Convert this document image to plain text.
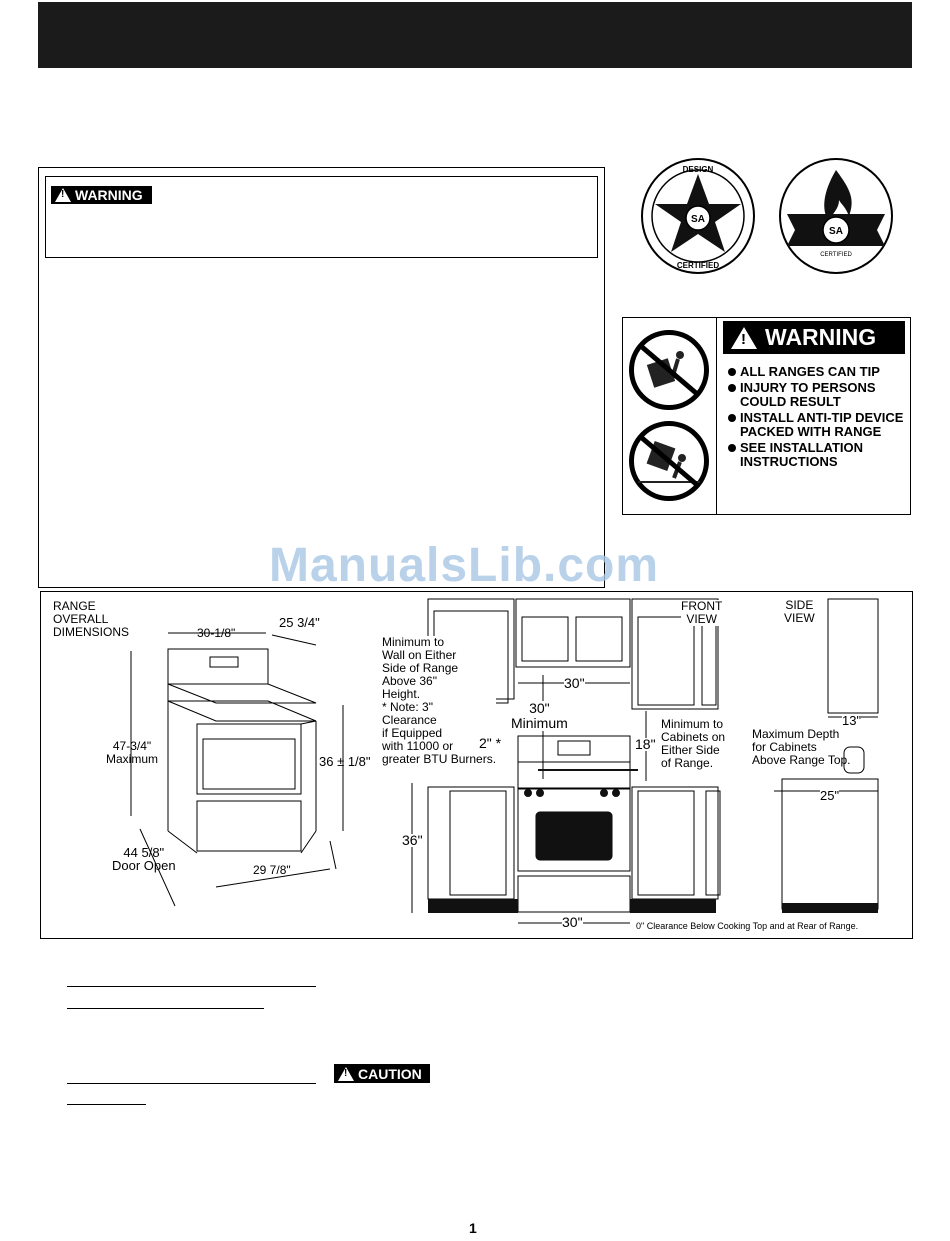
!
WARNING
SA
DESIGN
CERTIFIED
SA
CERTIFIED
!
WARNING
ALL RANGES CAN TIP
INJURY TO PERSONS COULD RESULT
INSTALL ANTI-TIP DEVICE PACKED WITH RANGE
SEE INSTALLATION INSTRUCTIONS
RANGE
OVERALL
DIMENSIONS	30-1/8"
25 3/4"
47-3/4"
Maximum	36 ± 1/8"
44 5/8"
Door Open	29 7/8"
Minimum to
Wall on Either
Side of Range
Above 36"
Height.
* Note: 3"
Clearance
if Equipped
with 11000 or
greater BTU Burners.
FRONT
VIEW
SIDE
VIEW
30"
30"
Minimum
2" *
Minimum to
Cabinets on
Either Side
of Range.
18"
36"
30"	0" Clearance Below Cooking Top and at Rear of Range.
Maximum Depth
for Cabinets
Above Range Top.
13"
25"
ManualsLib.com
!
CAUTION
1
